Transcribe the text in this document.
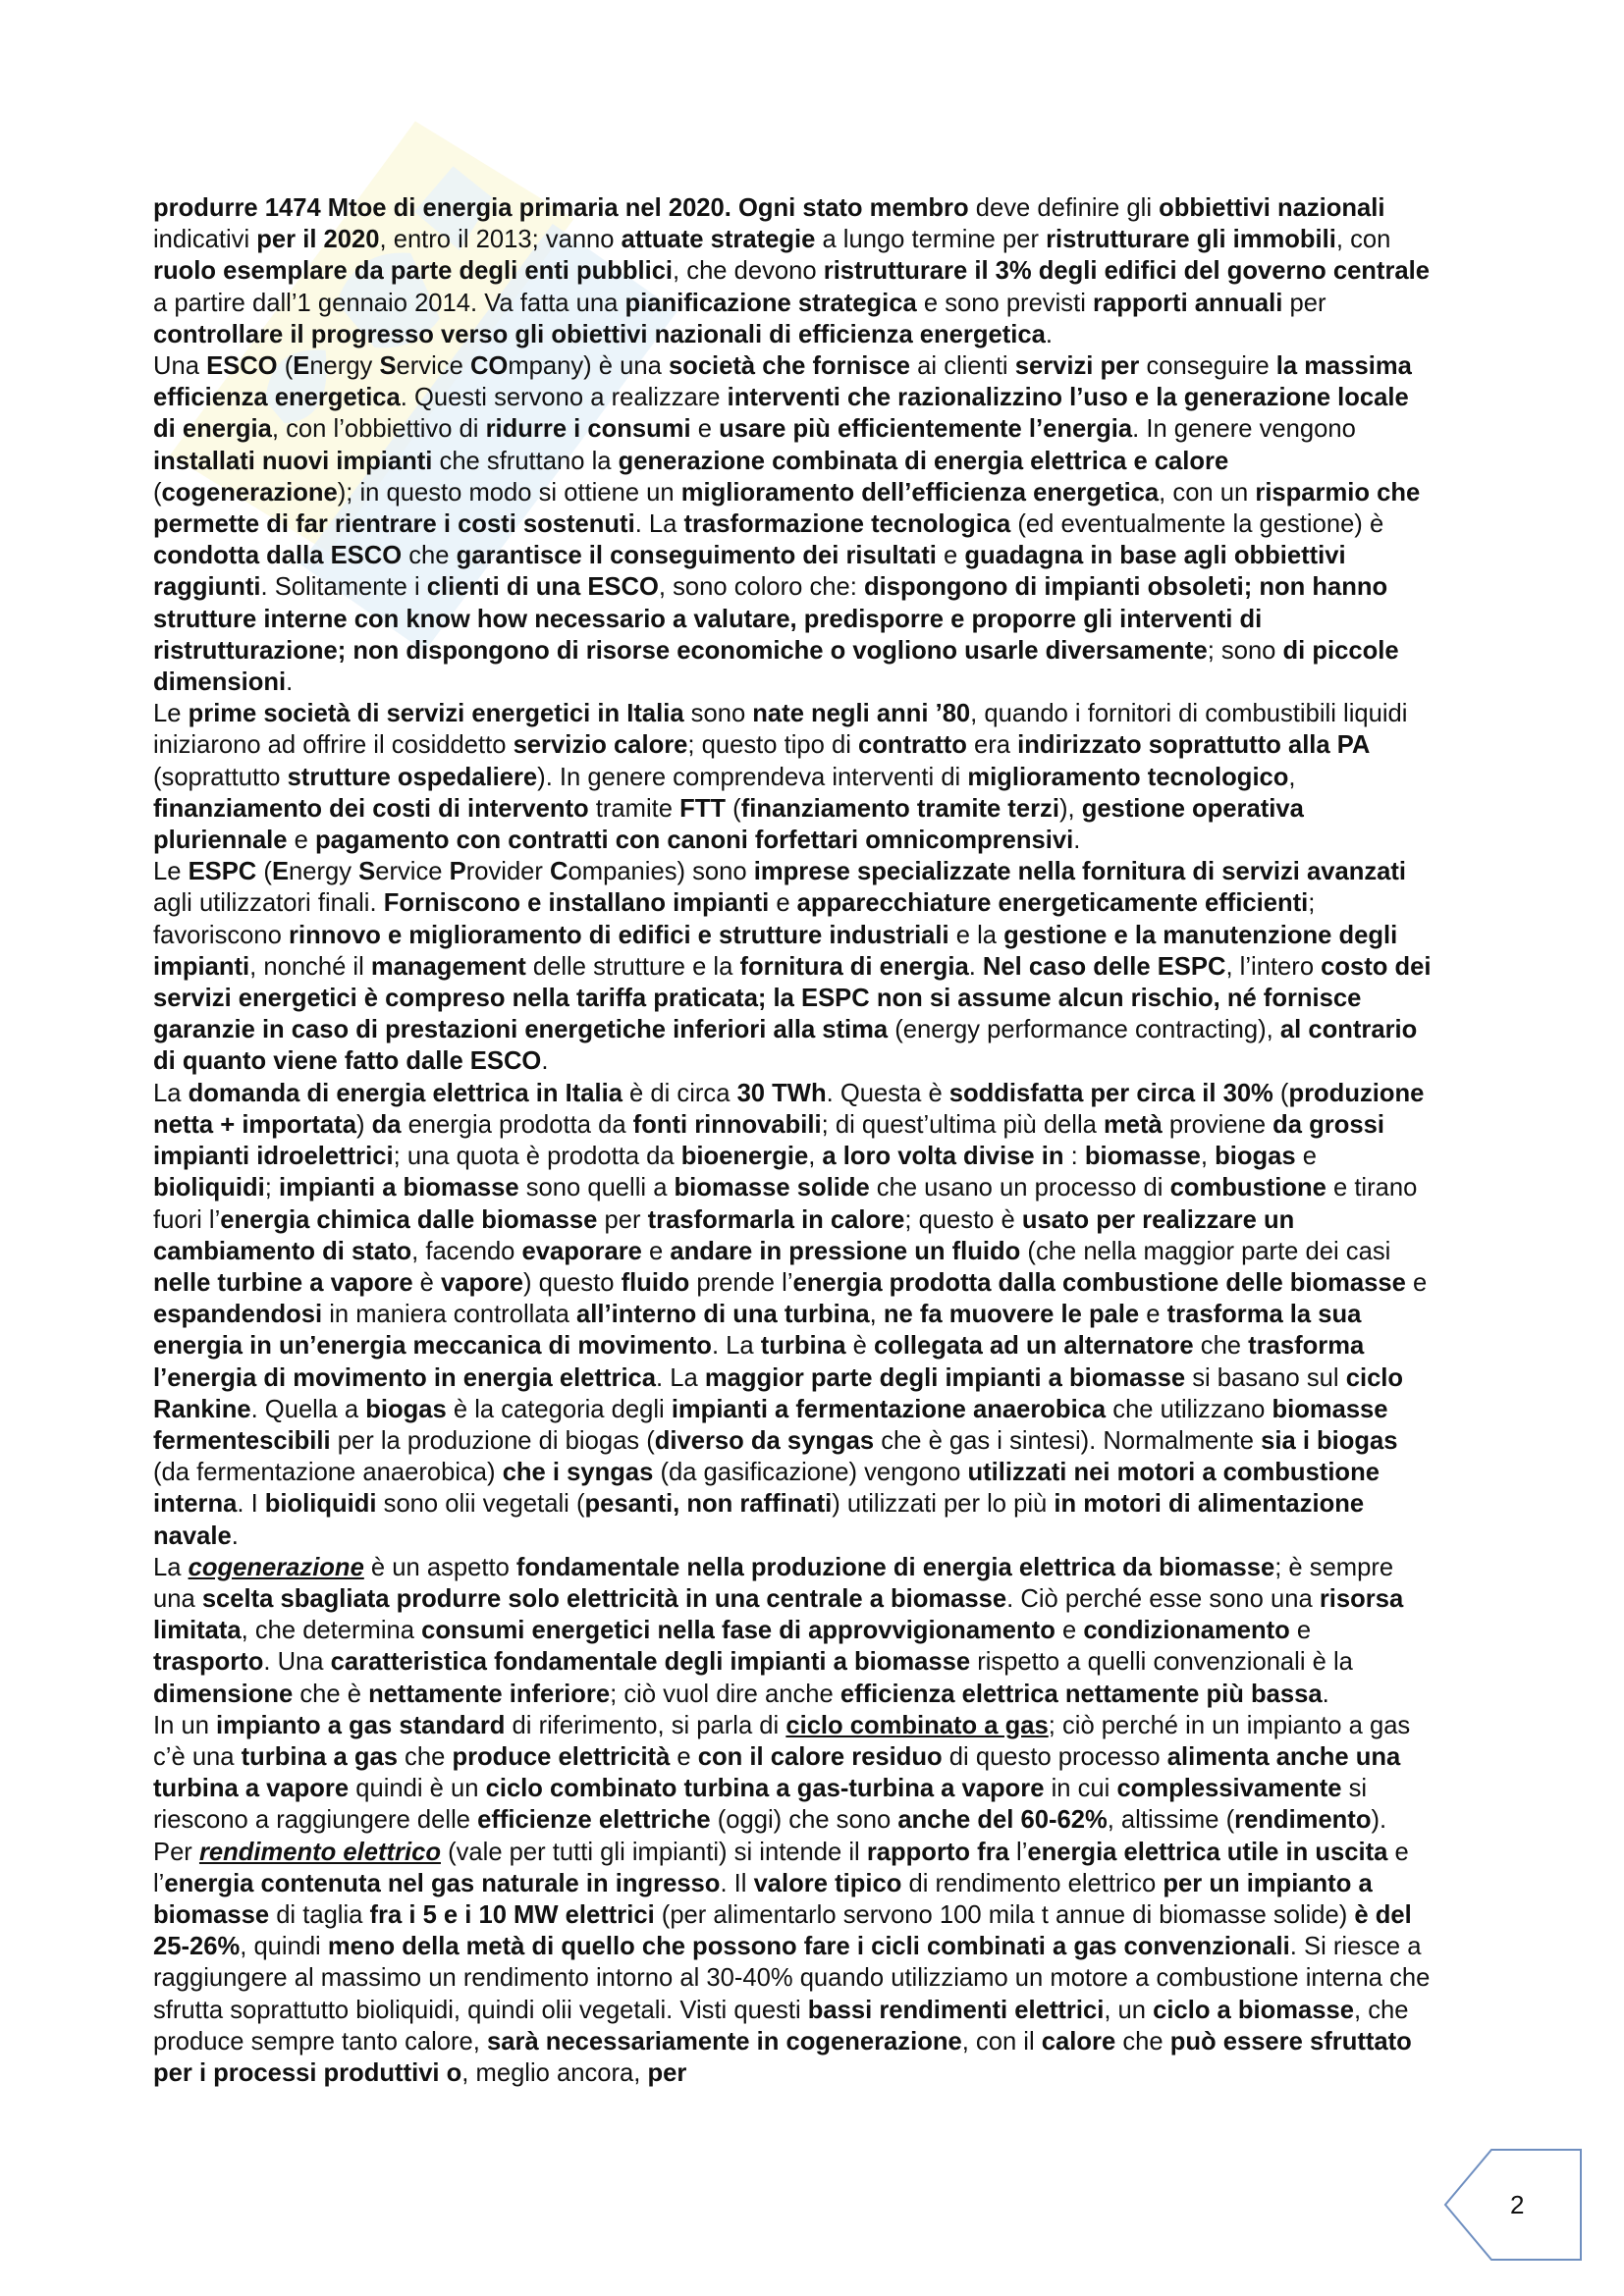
produrre 1474 Mtoe di energia primaria nel 2020. Ogni stato membro deve definire gli obbiettivi nazionali indicativi per il 2020, entro il 2013; vanno attuate strategie a lungo termine per ristrutturare gli immobili, con ruolo esemplare da parte degli enti pubblici, che devono ristrutturare il 3% degli edifici del governo centrale a partire dall’1 gennaio 2014. Va fatta una pianificazione strategica e sono previsti rapporti annuali per controllare il progresso verso gli obiettivi nazionali di efficienza energetica.

Una ESCO (Energy Service COmpany) è una società che fornisce ai clienti servizi per conseguire la massima efficienza energetica. Questi servono a realizzare interventi che razionalizzino l’uso e la generazione locale di energia, con l’obbiettivo di ridurre i consumi e usare più efficientemente l’energia. In genere vengono installati nuovi impianti che sfruttano la generazione combinata di energia elettrica e calore (cogenerazione); in questo modo si ottiene un miglioramento dell’efficienza energetica, con un risparmio che permette di far rientrare i costi sostenuti. La trasformazione tecnologica (ed eventualmente la gestione) è condotta dalla ESCO che garantisce il conseguimento dei risultati e guadagna in base agli obbiettivi raggiunti. Solitamente i clienti di una ESCO, sono coloro che: dispongono di impianti obsoleti; non hanno strutture interne con know how necessario a valutare, predisporre e proporre gli interventi di ristrutturazione; non dispongono di risorse economiche o vogliono usarle diversamente; sono di piccole dimensioni.

Le prime società di servizi energetici in Italia sono nate negli anni ’80, quando i fornitori di combustibili liquidi iniziarono ad offrire il cosiddetto servizio calore; questo tipo di contratto era indirizzato soprattutto alla PA (soprattutto strutture ospedaliere). In genere comprendeva interventi di miglioramento tecnologico, finanziamento dei costi di intervento tramite FTT (finanziamento tramite terzi), gestione operativa pluriennale e pagamento con contratti con canoni forfettari omnicomprensivi.

Le ESPC (Energy Service Provider Companies) sono imprese specializzate nella fornitura di servizi avanzati agli utilizzatori finali. Forniscono e installano impianti e apparecchiature energeticamente efficienti; favoriscono rinnovo e miglioramento di edifici e strutture industriali e la gestione e la manutenzione degli impianti, nonché il management delle strutture e la fornitura di energia. Nel caso delle ESPC, l’intero costo dei servizi energetici è compreso nella tariffa praticata; la ESPC non si assume alcun rischio, né fornisce garanzie in caso di prestazioni energetiche inferiori alla stima (energy performance contracting), al contrario di quanto viene fatto dalle ESCO.

La domanda di energia elettrica in Italia è di circa 30 TWh. Questa è soddisfatta per circa il 30% (produzione netta + importata) da energia prodotta da fonti rinnovabili; di quest’ultima più della metà proviene da grossi impianti idroelettrici; una quota è prodotta da bioenergie, a loro volta divise in : biomasse, biogas e bioliquidi; impianti a biomasse sono quelli a biomasse solide che usano un processo di combustione e tirano fuori l’energia chimica dalle biomasse per trasformarla in calore; questo è usato per realizzare un cambiamento di stato, facendo evaporare e andare in pressione un fluido (che nella maggior parte dei casi nelle turbine a vapore è vapore) questo fluido prende l’energia prodotta dalla combustione delle biomasse e espandendosi in maniera controllata all’interno di una turbina, ne fa muovere le pale e trasforma la sua energia in un’energia meccanica di movimento. La turbina è collegata ad un alternatore che trasforma l’energia di movimento in energia elettrica. La maggior parte degli impianti a biomasse si basano sul ciclo Rankine. Quella a biogas è la categoria degli impianti a fermentazione anaerobica che utilizzano biomasse fermentescibili per la produzione di biogas (diverso da syngas che è gas i sintesi). Normalmente sia i biogas (da fermentazione anaerobica) che i syngas (da gasificazione) vengono utilizzati nei motori a combustione interna. I bioliquidi sono olii vegetali (pesanti, non raffinati) utilizzati per lo più in motori di alimentazione navale.

La cogenerazione è un aspetto fondamentale nella produzione di energia elettrica da biomasse; è sempre una scelta sbagliata produrre solo elettricità in una centrale a biomasse. Ciò perché esse sono una risorsa limitata, che determina consumi energetici nella fase di approvvigionamento e condizionamento e trasporto. Una caratteristica fondamentale degli impianti a biomasse rispetto a quelli convenzionali è la dimensione che è nettamente inferiore; ciò vuol dire anche efficienza elettrica nettamente più bassa.

In un impianto a gas standard di riferimento, si parla di ciclo combinato a gas; ciò perché in un impianto a gas c’è una turbina a gas che produce elettricità e con il calore residuo di questo processo alimenta anche una turbina a vapore quindi è un ciclo combinato turbina a gas-turbina a vapore in cui complessivamente si riescono a raggiungere delle efficienze elettriche (oggi) che sono anche del 60-62%, altissime (rendimento).

Per rendimento elettrico (vale per tutti gli impianti) si intende il rapporto fra l’energia elettrica utile in uscita e l’energia contenuta nel gas naturale in ingresso. Il valore tipico di rendimento elettrico per un impianto a biomasse di taglia fra i 5 e i 10 MW elettrici (per alimentarlo servono 100 mila t annue di biomasse solide) è del 25-26%, quindi meno della metà di quello che possono fare i cicli combinati a gas convenzionali. Si riesce a raggiungere al massimo un rendimento intorno al 30-40% quando utilizziamo un motore a combustione interna che sfrutta soprattutto bioliquidi, quindi olii vegetali. Visti questi bassi rendimenti elettrici, un ciclo a biomasse, che produce sempre tanto calore, sarà necessariamente in cogenerazione, con il calore che può essere sfruttato per i processi produttivi o, meglio ancora, per

2
